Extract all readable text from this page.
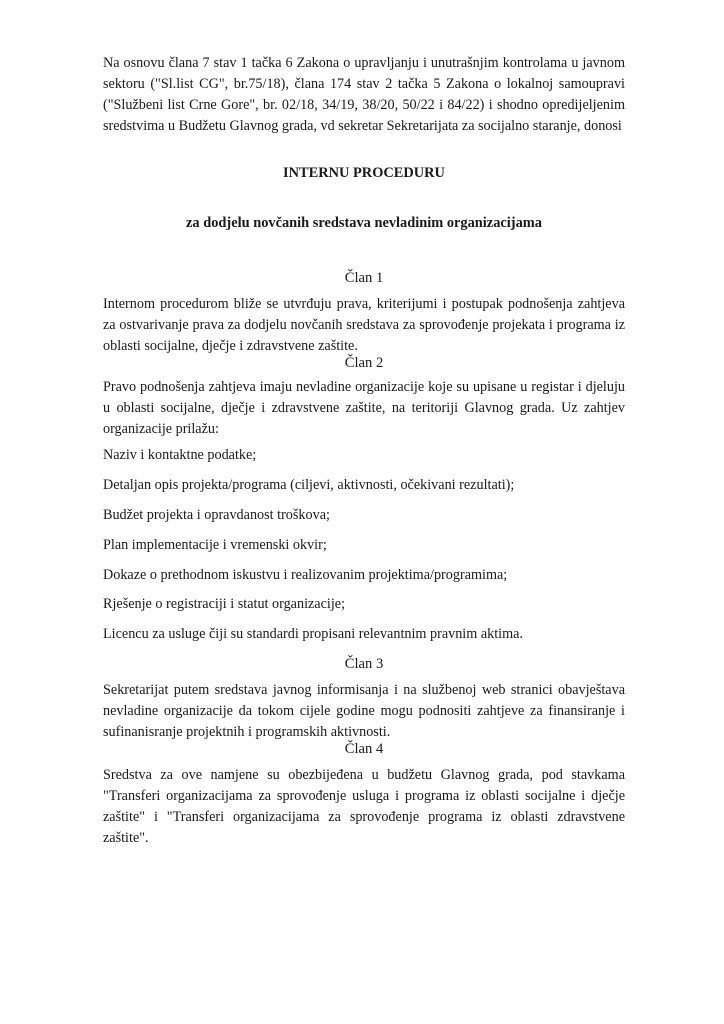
Na osnovu člana 7 stav 1 tačka 6 Zakona o upravljanju i unutrašnjim kontrolama u javnom sektoru ("Sl.list CG", br.75/18), člana 174 stav 2 tačka 5 Zakona o lokalnoj samoupravi ("Službeni list Crne Gore", br. 02/18, 34/19, 38/20, 50/22 i 84/22) i shodno opredijeljenim sredstvima u Budžetu Glavnog grada, vd sekretar Sekretarijata za socijalno staranje, donosi
INTERNU PROCEDURU
za dodjelu novčanih sredstava nevladinim organizacijama
Član 1
Internom procedurom bliže se utvrđuju prava, kriterijumi i postupak podnošenja zahtjeva za ostvarivanje prava za dodjelu novčanih sredstava za sprovođenje projekata i programa iz oblasti socijalne, dječje i zdravstvene zaštite.
Član 2
Pravo podnošenja zahtjeva imaju nevladine organizacije koje su upisane u registar i djeluju u oblasti socijalne, dječje i zdravstvene zaštite, na teritoriji Glavnog grada. Uz zahtjev organizacije prilažu:
Naziv i kontaktne podatke;
Detaljan opis projekta/programa (ciljevi, aktivnosti, očekivani rezultati);
Budžet projekta i opravdanost troškova;
Plan implementacije i vremenski okvir;
Dokaze o prethodnom iskustvu i realizovanim projektima/programima;
Rješenje o registraciji i statut organizacije;
Licencu za usluge čiji su standardi propisani relevantnim pravnim aktima.
Član 3
Sekretarijat putem sredstava javnog informisanja i na službenoj web stranici obavještava nevladine organizacije da tokom cijele godine mogu podnositi zahtjeve za finansiranje i sufinanisranje projektnih i programskih aktivnosti.
Član 4
Sredstva za ove namjene su obezbijeđena u budžetu Glavnog grada, pod stavkama "Transferi organizacijama za sprovođenje usluga i programa iz oblasti socijalne i dječje zaštite" i "Transferi organizacijama za sprovođenje programa iz oblasti zdravstvene zaštite".
